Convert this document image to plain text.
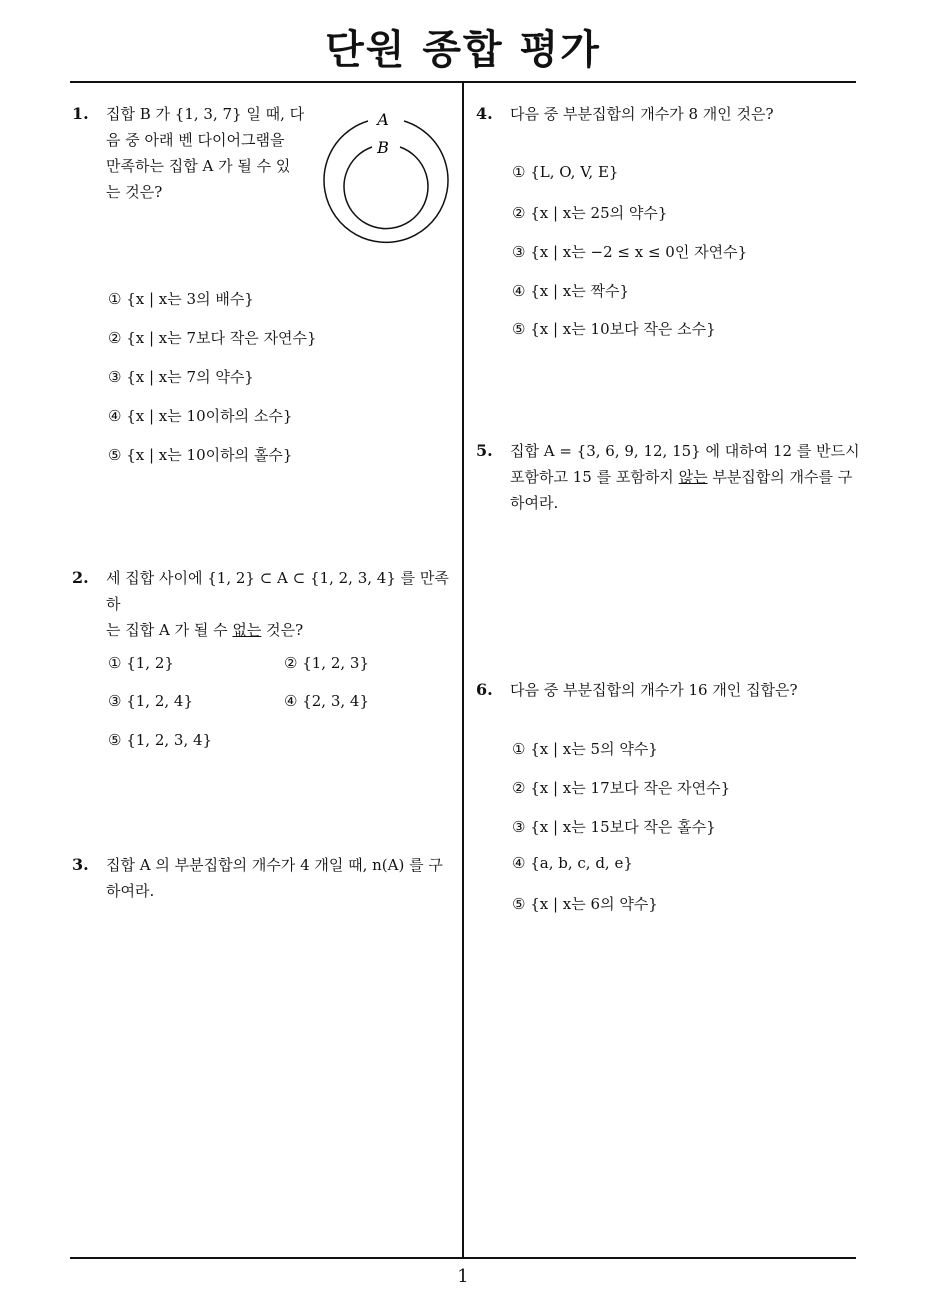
단원 종합 평가
1. 집합 B 가 {1, 3, 7} 일 때, 다
음 중 아래 벤 다이어그램을
만족하는 집합 A 가 될 수 있
는 것은?
A
B
① {x | x는 3의 배수}
② {x | x는 7보다 작은 자연수}
③ {x | x는 7의 약수}
④ {x | x는 10이하의 소수}
⑤ {x | x는 10이하의 홀수}
2. 세 집합 사이에 {1, 2} ⊂ A ⊂ {1, 2, 3, 4} 를 만족하
는 집합 A 가 될 수 없는 것은?
① {1, 2}	② {1, 2, 3}
③ {1, 2, 4}	④ {2, 3, 4}
⑤ {1, 2, 3, 4}
3. 집합 A 의 부분집합의 개수가 4 개일 때, n(A) 를 구
하여라.
4. 다음 중 부분집합의 개수가 8 개인 것은?
① {L, O, V, E}
② {x | x는 25의 약수}
③ {x | x는 −2 ≤ x ≤ 0인 자연수}
④ {x | x는 짝수}
⑤ {x | x는 10보다 작은 소수}
5. 집합 A = {3, 6, 9, 12, 15} 에 대하여 12 를 반드시
포함하고 15 를 포함하지 않는 부분집합의 개수를 구
하여라.
6. 다음 중 부분집합의 개수가 16 개인 집합은?
① {x | x는 5의 약수}
② {x | x는 17보다 작은 자연수}
③ {x | x는 15보다 작은 홀수}
④ {a, b, c, d, e}
⑤ {x | x는 6의 약수}
1
